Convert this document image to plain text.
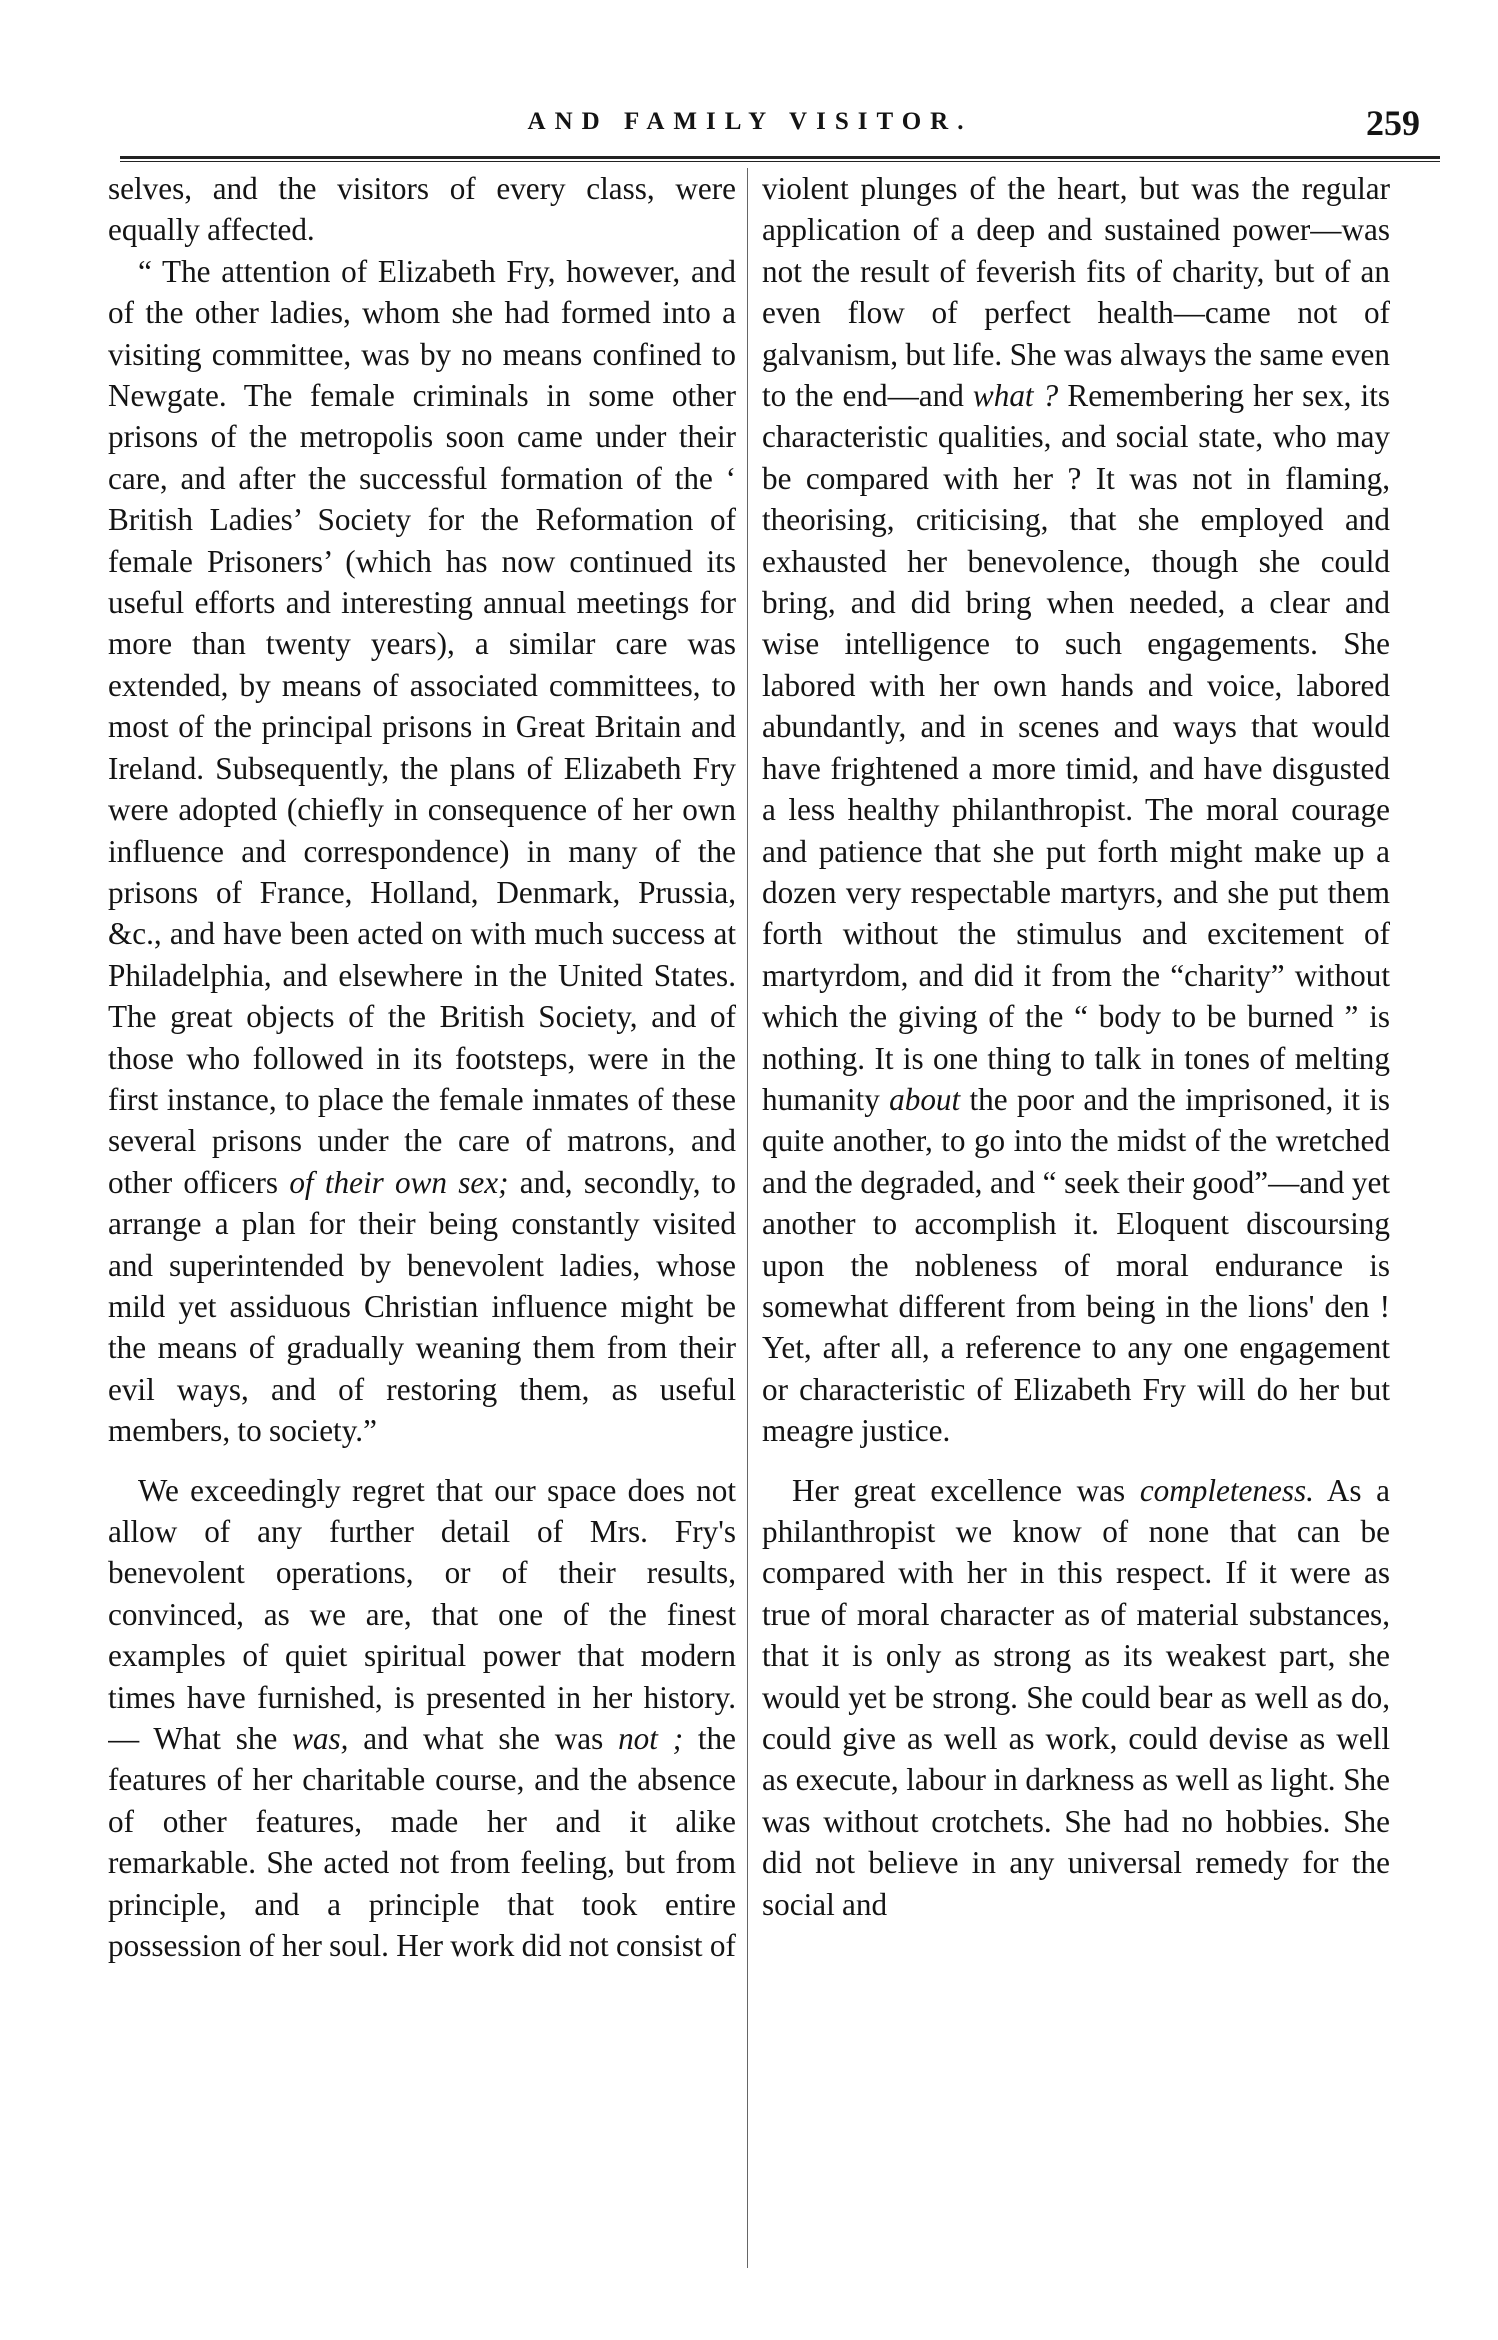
AND FAMILY VISITOR.	259

selves, and the visitors of every class, were equally affected.

“ The attention of Elizabeth Fry, however, and of the other ladies, whom she had formed into a visiting committee, was by no means confined to Newgate. The female criminals in some other prisons of the metropolis soon came under their care, and after the successful formation of the ‘ British Ladies’ Society for the Reformation of female Prisoners’ (which has now continued its useful efforts and interesting annual meetings for more than twenty years), a similar care was extended, by means of associated committees, to most of the principal prisons in Great Britain and Ireland. Subsequently, the plans of Elizabeth Fry were adopted (chiefly in consequence of her own influence and correspondence) in many of the prisons of France, Holland, Denmark, Prussia, &c., and have been acted on with much success at Philadelphia, and elsewhere in the United States. The great objects of the British Society, and of those who followed in its footsteps, were in the first instance, to place the female inmates of these several prisons under the care of matrons, and other officers of their own sex; and, secondly, to arrange a plan for their being constantly visited and superintended by benevolent ladies, whose mild yet assiduous Christian influence might be the means of gradually weaning them from their evil ways, and of restoring them, as useful members, to society.”

We exceedingly regret that our space does not allow of any further detail of Mrs. Fry's benevolent operations, or of their results, convinced, as we are, that one of the finest examples of quiet spiritual power that modern times have furnished, is presented in her history.— What she was, and what she was not ; the features of her charitable course, and the absence of other features, made her and it alike remarkable. She acted not from feeling, but from principle, and a principle that took entire possession of her soul. Her work did not consist of

violent plunges of the heart, but was the regular application of a deep and sustained power—was not the result of feverish fits of charity, but of an even flow of perfect health—came not of galvanism, but life. She was always the same even to the end—and what ? Remembering her sex, its characteristic qualities, and social state, who may be compared with her ? It was not in flaming, theorising, criticising, that she employed and exhausted her benevolence, though she could bring, and did bring when needed, a clear and wise intelligence to such engagements. She labored with her own hands and voice, labored abundantly, and in scenes and ways that would have frightened a more timid, and have disgusted a less healthy philanthropist. The moral courage and patience that she put forth might make up a dozen very respectable martyrs, and she put them forth without the stimulus and excitement of martyrdom, and did it from the “charity” without which the giving of the “ body to be burned ” is nothing. It is one thing to talk in tones of melting humanity about the poor and the imprisoned, it is quite another, to go into the midst of the wretched and the degraded, and “ seek their good”—and yet another to accomplish it. Eloquent discoursing upon the nobleness of moral endurance is somewhat different from being in the lions' den ! Yet, after all, a reference to any one engagement or characteristic of Elizabeth Fry will do her but meagre justice.

Her great excellence was completeness. As a philanthropist we know of none that can be compared with her in this respect. If it were as true of moral character as of material substances, that it is only as strong as its weakest part, she would yet be strong. She could bear as well as do, could give as well as work, could devise as well as execute, labour in darkness as well as light. She was without crotchets. She had no hobbies. She did not believe in any universal remedy for the social and
